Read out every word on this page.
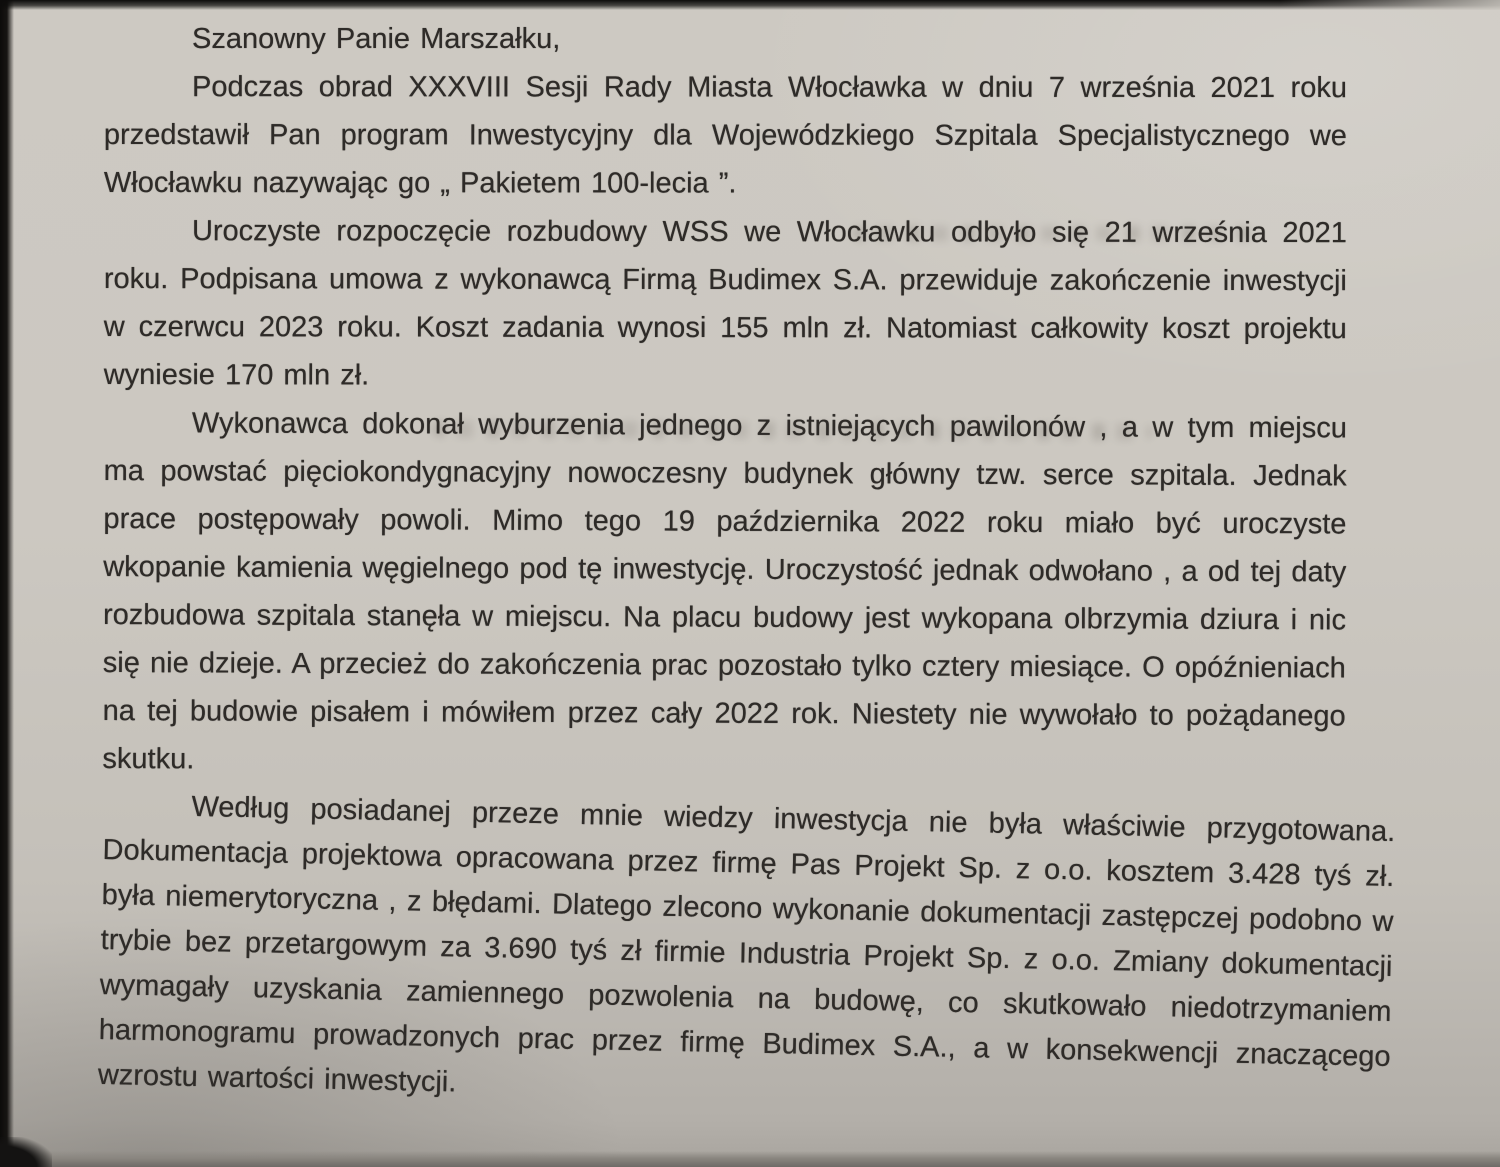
Szanowny Panie Marszałku,

Podczas obrad XXXVIII Sesji Rady Miasta Włocławka w dniu 7 września 2021 roku przedstawił Pan program Inwestycyjny dla Wojewódzkiego Szpitala Specjalistycznego we Włocławku nazywając go „ Pakietem 100-lecia ”.

Uroczyste rozpoczęcie rozbudowy WSS we Włocławku odbyło się 21 września 2021 roku. Podpisana umowa z wykonawcą Firmą Budimex S.A. przewiduje zakończenie inwestycji w czerwcu 2023 roku. Koszt zadania wynosi 155 mln zł. Natomiast całkowity koszt projektu wyniesie 170 mln zł.

Wykonawca dokonał wyburzenia jednego z istniejących pawilonów , a w tym miejscu ma powstać pięciokondygnacyjny nowoczesny budynek główny tzw. serce szpitala. Jednak prace postępowały powoli. Mimo tego 19 października 2022 roku miało być uroczyste wkopanie kamienia węgielnego pod tę inwestycję. Uroczystość jednak odwołano , a od tej daty rozbudowa szpitala stanęła w miejscu. Na placu budowy jest wykopana olbrzymia dziura i nic się nie dzieje. A przecież do zakończenia prac pozostało tylko cztery miesiące. O opóźnieniach na tej budowie pisałem i mówiłem przez cały 2022 rok. Niestety nie wywołało to pożądanego skutku.

Według posiadanej przeze mnie wiedzy inwestycja nie była właściwie przygotowana. Dokumentacja projektowa opracowana przez firmę Pas Projekt Sp. z o.o. kosztem 3.428 tyś zł. była niemerytoryczna , z błędami. Dlatego zlecono wykonanie dokumentacji zastępczej podobno w trybie bez przetargowym za 3.690 tyś zł firmie Industria Projekt Sp. z o.o. Zmiany dokumentacji wymagały uzyskania zamiennego pozwolenia na budowę, co skutkowało niedotrzymaniem harmonogramu prowadzonych prac przez firmę Budimex S.A., a w konsekwencji znaczącego wzrostu wartości inwestycji.
